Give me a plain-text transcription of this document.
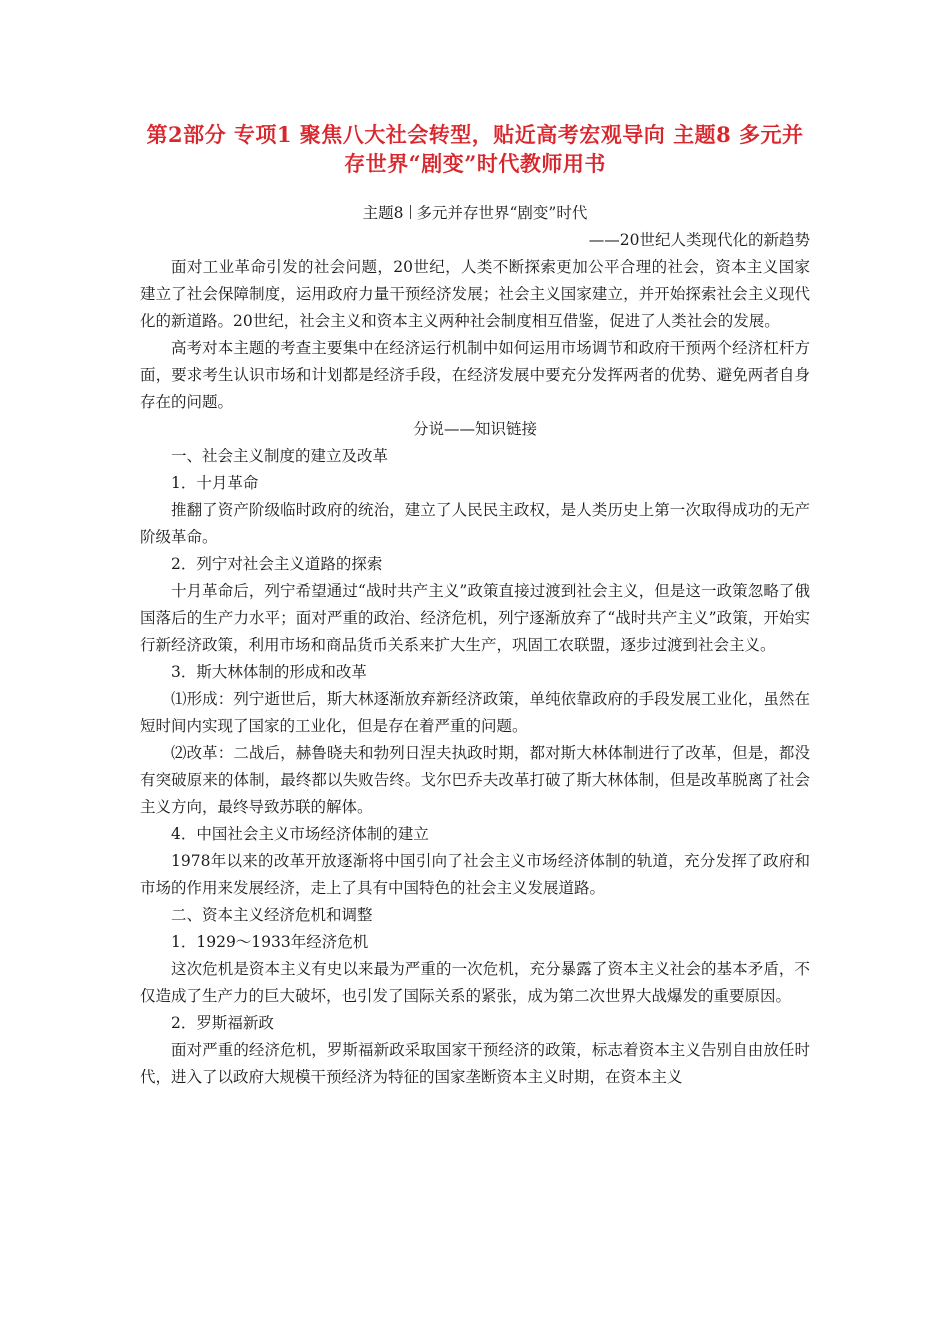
第2部分 专项1 聚焦八大社会转型，贴近高考宏观导向 主题8 多元并存世界“剧变”时代教师用书

主题8 多元并存世界“剧变”时代

——20世纪人类现代化的新趋势

面对工业革命引发的社会问题，20世纪，人类不断探索更加公平合理的社会，资本主义国家建立了社会保障制度，运用政府力量干预经济发展；社会主义国家建立，并开始探索社会主义现代化的新道路。20世纪，社会主义和资本主义两种社会制度相互借鉴，促进了人类社会的发展。

高考对本主题的考查主要集中在经济运行机制中如何运用市场调节和政府干预两个经济杠杆方面，要求考生认识市场和计划都是经济手段，在经济发展中要充分发挥两者的优势、避免两者自身存在的问题。

分说——知识链接

一、社会主义制度的建立及改革

1．十月革命

推翻了资产阶级临时政府的统治，建立了人民民主政权，是人类历史上第一次取得成功的无产阶级革命。

2．列宁对社会主义道路的探索

十月革命后，列宁希望通过“战时共产主义”政策直接过渡到社会主义，但是这一政策忽略了俄国落后的生产力水平；面对严重的政治、经济危机，列宁逐渐放弃了“战时共产主义”政策，开始实行新经济政策，利用市场和商品货币关系来扩大生产，巩固工农联盟，逐步过渡到社会主义。

3．斯大林体制的形成和改革

⑴形成：列宁逝世后，斯大林逐渐放弃新经济政策，单纯依靠政府的手段发展工业化，虽然在短时间内实现了国家的工业化，但是存在着严重的问题。

⑵改革：二战后，赫鲁晓夫和勃列日涅夫执政时期，都对斯大林体制进行了改革，但是，都没有突破原来的体制，最终都以失败告终。戈尔巴乔夫改革打破了斯大林体制，但是改革脱离了社会主义方向，最终导致苏联的解体。

4．中国社会主义市场经济体制的建立

1978年以来的改革开放逐渐将中国引向了社会主义市场经济体制的轨道，充分发挥了政府和市场的作用来发展经济，走上了具有中国特色的社会主义发展道路。

二、资本主义经济危机和调整

1．1929～1933年经济危机

这次危机是资本主义有史以来最为严重的一次危机，充分暴露了资本主义社会的基本矛盾，不仅造成了生产力的巨大破坏，也引发了国际关系的紧张，成为第二次世界大战爆发的重要原因。

2．罗斯福新政

面对严重的经济危机，罗斯福新政采取国家干预经济的政策，标志着资本主义告别自由放任时代，进入了以政府大规模干预经济为特征的国家垄断资本主义时期，在资本主义
